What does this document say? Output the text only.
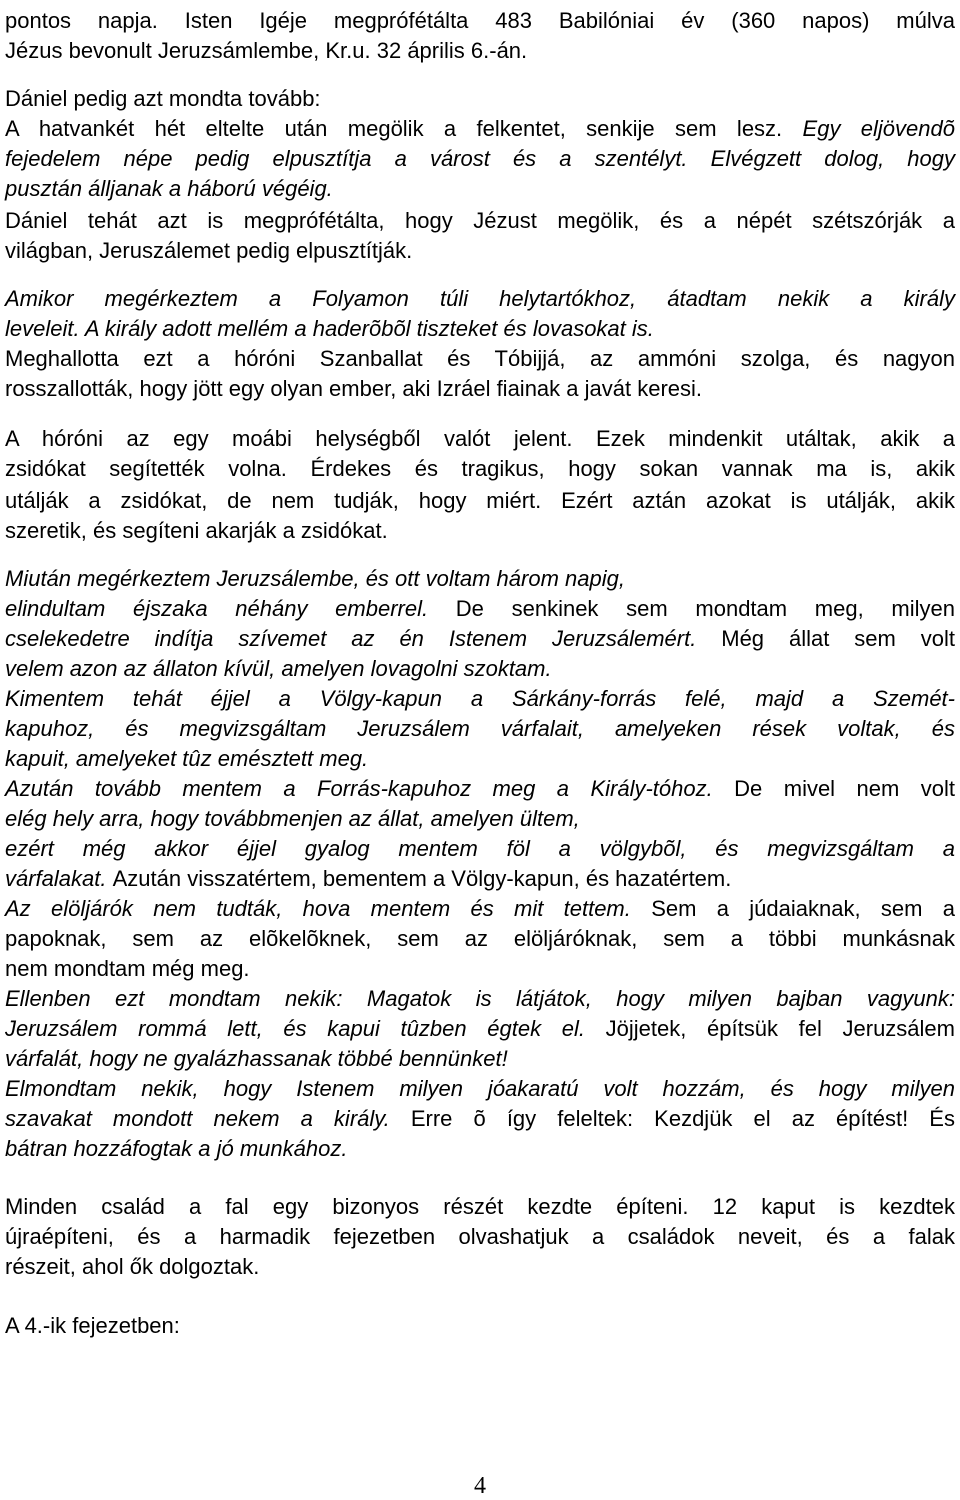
pontos napja. Isten Igéje megprófétálta 483 Babilóniai év (360 napos) múlva
Jézus bevonult Jeruzsámlembe, Kr.u. 32 április 6.-án.
Dániel pedig azt mondta tovább:
A hatvankét hét eltelte után megölik a felkentet, senkije sem lesz. Egy eljövendõ
fejedelem népe pedig elpusztítja a várost és a szentélyt. Elvégzett dolog, hogy
pusztán álljanak a háború végéig.
Dániel tehát azt is megprófétálta, hogy Jézust megölik, és a népét szétszórják a
világban, Jeruszálemet pedig elpusztítják.
Amikor megérkeztem a Folyamon túli helytartókhoz, átadtam nekik a király
leveleit. A király adott mellém a haderõbõl tiszteket és lovasokat is.
Meghallotta ezt a hóróni Szanballat és Tóbijjá, az ammóni szolga, és nagyon
rosszallották, hogy jött egy olyan ember, aki Izráel fiainak a javát keresi.
A hóróni az egy moábi helységből valót jelent. Ezek mindenkit utáltak, akik a
zsidókat segítették volna. Érdekes és tragikus, hogy sokan vannak ma is, akik
utálják a zsidókat, de nem tudják, hogy miért. Ezért aztán azokat is utálják, akik
szeretik, és segíteni akarják a zsidókat.
Miután megérkeztem Jeruzsálembe, és ott voltam három napig,
elindultam éjszaka néhány emberrel. De senkinek sem mondtam meg, milyen
cselekedetre indítja szívemet az én Istenem Jeruzsálemért. Még állat sem volt
velem azon az állaton kívül, amelyen lovagolni szoktam.
Kimentem tehát éjjel a Völgy-kapun a Sárkány-forrás felé, majd a Szemét-
kapuhoz, és megvizsgáltam Jeruzsálem várfalait, amelyeken rések voltak, és
kapuit, amelyeket tûz emésztett meg.
Azután tovább mentem a Forrás-kapuhoz meg a Király-tóhoz. De mivel nem volt
elég hely arra, hogy továbbmenjen az állat, amelyen ültem,
ezért még akkor éjjel gyalog mentem föl a völgybõl, és megvizsgáltam a
várfalakat. Azután visszatértem, bementem a Völgy-kapun, és hazatértem.
Az elöljárók nem tudták, hova mentem és mit tettem. Sem a júdaiaknak, sem a
papoknak, sem az elõkelõknek, sem az elöljáróknak, sem a többi munkásnak
nem mondtam még meg.
Ellenben ezt mondtam nekik: Magatok is látjátok, hogy milyen bajban vagyunk:
Jeruzsálem rommá lett, és kapui tûzben égtek el. Jöjjetek, építsük fel Jeruzsálem
várfalát, hogy ne gyalázhassanak többé bennünket!
Elmondtam nekik, hogy Istenem milyen jóakaratú volt hozzám, és hogy milyen
szavakat mondott nekem a király. Erre õ így feleltek: Kezdjük el az építést! És
bátran hozzáfogtak a jó munkához.
Minden család a fal egy bizonyos részét kezdte építeni. 12 kaput is kezdtek
újraépíteni, és a harmadik fejezetben olvashatjuk a családok neveit, és a falak
részeit, ahol ők dolgoztak.
A 4.-ik fejezetben:
4
